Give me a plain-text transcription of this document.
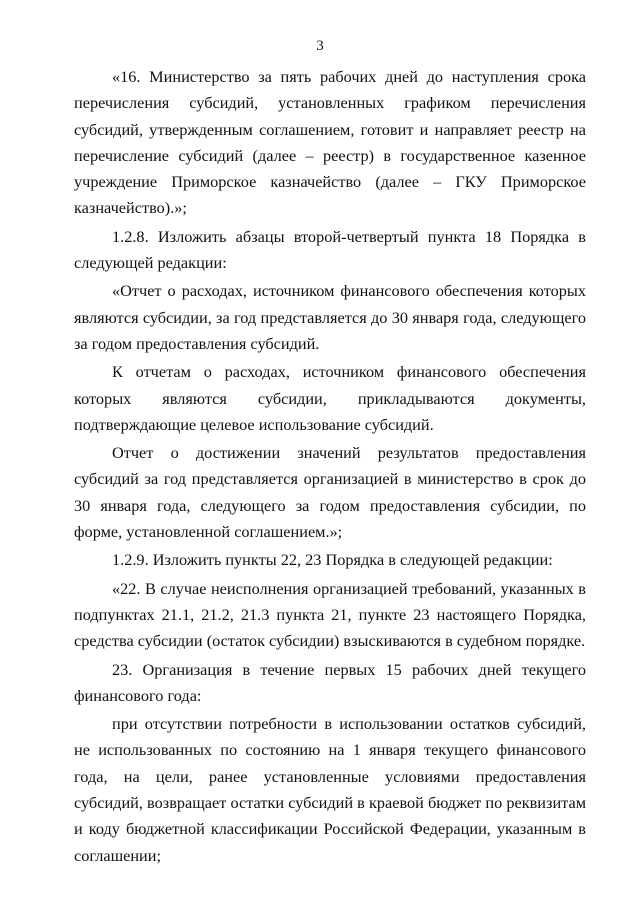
3

«16. Министерство за пять рабочих дней до наступления срока перечисления субсидий, установленных графиком перечисления субсидий, утвержденным соглашением, готовит и направляет реестр на перечисление субсидий (далее – реестр) в государственное казенное учреждение Приморское казначейство (далее – ГКУ Приморское казначейство).»;

1.2.8. Изложить абзацы второй-четвертый пункта 18 Порядка в следующей редакции:

«Отчет о расходах, источником финансового обеспечения которых являются субсидии, за год представляется до 30 января года, следующего за годом предоставления субсидий.

К отчетам о расходах, источником финансового обеспечения которых являются субсидии, прикладываются документы, подтверждающие целевое использование субсидий.

Отчет о достижении значений результатов предоставления субсидий за год представляется организацией в министерство в срок до 30 января года, следующего за годом предоставления субсидии, по форме, установленной соглашением.»;

1.2.9. Изложить пункты 22, 23 Порядка в следующей редакции:

«22. В случае неисполнения организацией требований, указанных в подпунктах 21.1, 21.2, 21.3 пункта 21, пункте 23 настоящего Порядка, средства субсидии (остаток субсидии) взыскиваются в судебном порядке.

23. Организация в течение первых 15 рабочих дней текущего финансового года:

при отсутствии потребности в использовании остатков субсидий, не использованных по состоянию на 1 января текущего финансового года, на цели, ранее установленные условиями предоставления субсидий, возвращает остатки субсидий в краевой бюджет по реквизитам и коду бюджетной классификации Российской Федерации, указанным в соглашении;
